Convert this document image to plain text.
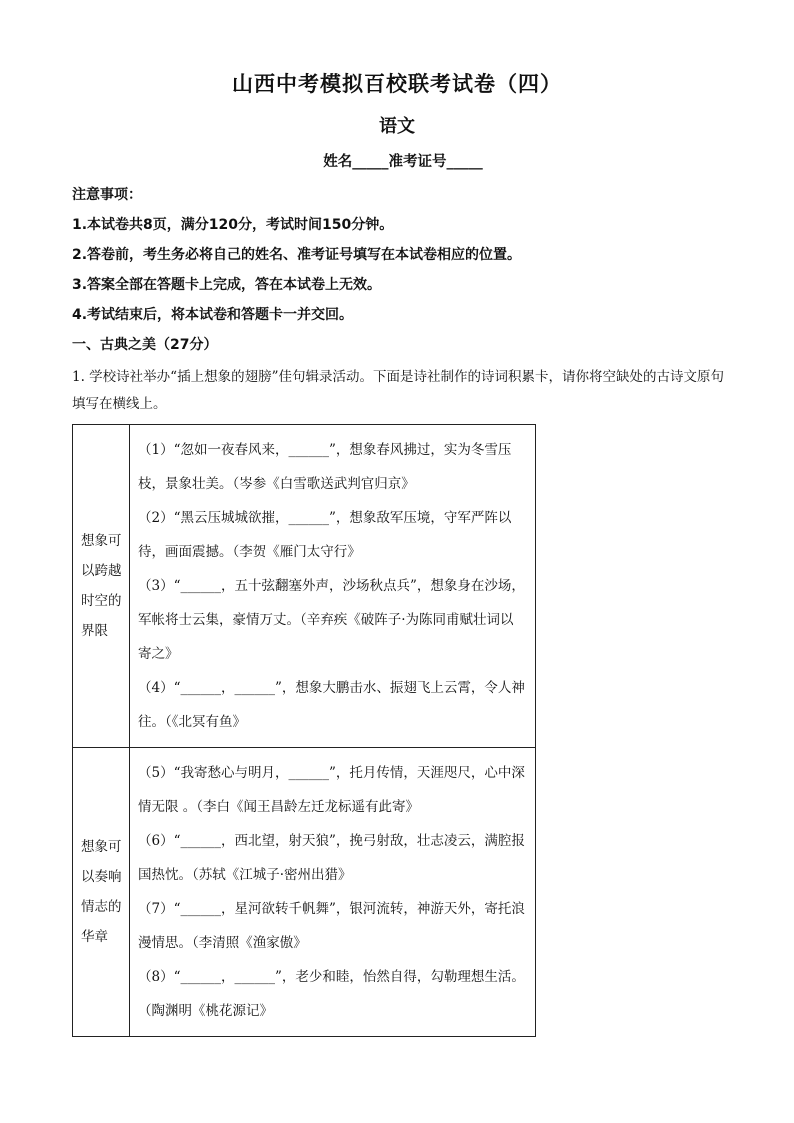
山西中考模拟百校联考试卷（四）
语文
姓名_____准考证号_____
注意事项：
1.本试卷共8页，满分120分，考试时间150分钟。
2.答卷前，考生务必将自己的姓名、准考证号填写在本试卷相应的位置。
3.答案全部在答题卡上完成，答在本试卷上无效。
4.考试结束后，将本试卷和答题卡一并交回。
一、古典之美（27分）
1. 学校诗社举办“插上想象的翅膀”佳句辑录活动。下面是诗社制作的诗词积累卡，请你将空缺处的古诗文原句填写在横线上。
想象可以跨越时空的界限	（1）“忽如一夜春风来，______”，想象春风拂过，实为冬雪压枝，景象壮美。（岑参《白雪歌送武判官归京》
（2）“黑云压城城欲摧，______”，想象敌军压境，守军严阵以待，画面震撼。（李贺《雁门太守行》
（3）“______，五十弦翻塞外声，沙场秋点兵”，想象身在沙场，军帐将士云集，豪情万丈。（辛弃疾《破阵子·为陈同甫赋壮词以寄之》
（4）“______，______”，想象大鹏击水、振翅飞上云霄，令人神往。（《北冥有鱼》

想象可以奏响情志的华章	（5）“我寄愁心与明月，______”，托月传情，天涯咫尺，心中深情无限 。（李白《闻王昌龄左迁龙标遥有此寄》
（6）“______，西北望，射天狼”，挽弓射敌，壮志凌云，满腔报国热忱。（苏轼《江城子·密州出猎》
（7）“______，星河欲转千帆舞”，银河流转，神游天外，寄托浪漫情思。（李清照《渔家傲》
（8）“______，______”，老少和睦，怡然自得，勾勒理想生活。（陶渊明《桃花源记》
